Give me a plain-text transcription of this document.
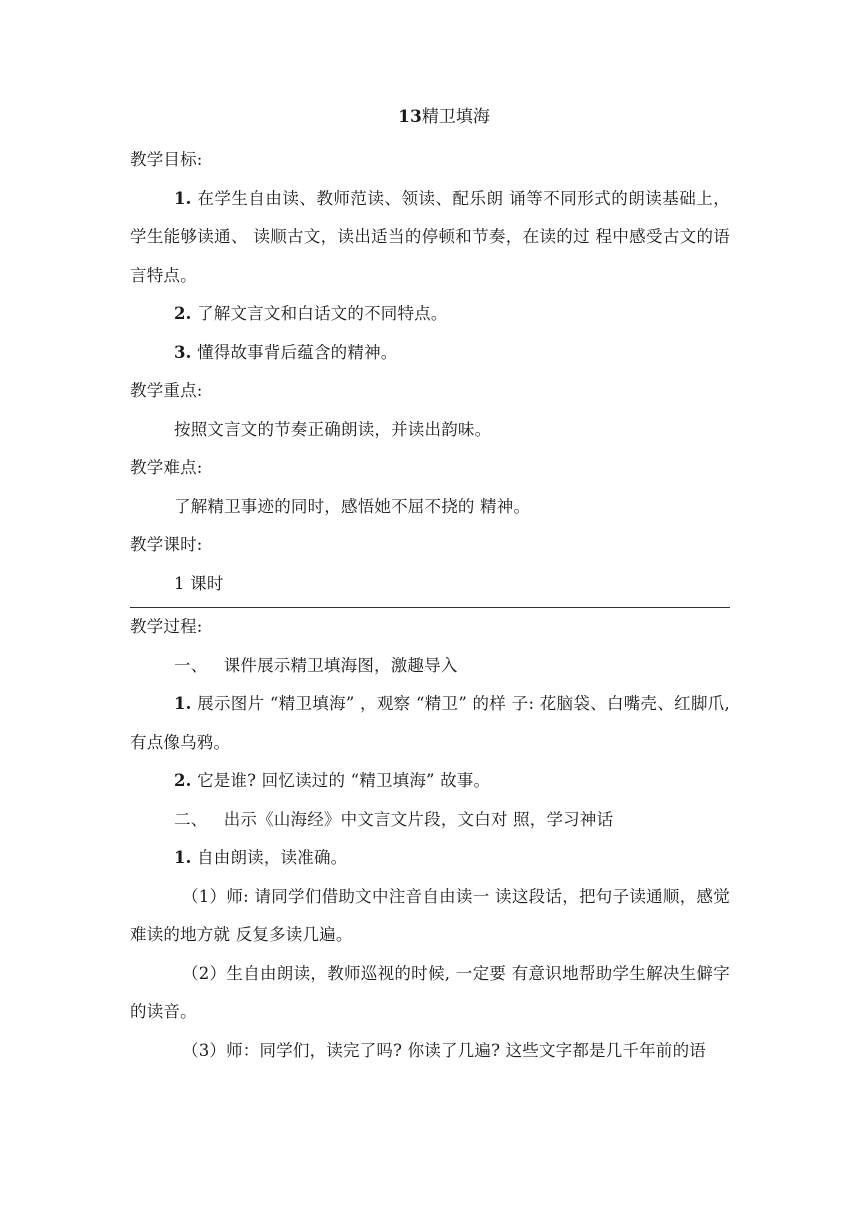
13精卫填海

教学目标:

1. 在学生自由读、教师范读、领读、配乐朗 诵等不同形式的朗读基础上，学生能够读通、 读顺古文，读出适当的停顿和节奏，在读的过 程中感受古文的语言特点。

2. 了解文言文和白话文的不同特点。

3. 懂得故事背后蕴含的精神。

教学重点:

按照文言文的节奏正确朗读，并读出韵味。

教学难点:

了解精卫事迹的同时，感悟她不屈不挠的 精神。

教学课时:

1 课时

教学过程:

一、   课件展示精卫填海图，激趣导入

1. 展示图片 “精卫填海” ，观察 “精卫” 的样 子: 花脑袋、白嘴壳、红脚爪, 有点像乌鸦。

2. 它是谁? 回忆读过的 “精卫填海” 故事。

二、   出示《山海经》中文言文片段，文白对 照，学习神话

1. 自由朗读，读准确。

（1）师: 请同学们借助文中注音自由读一 读这段话，把句子读通顺，感觉难读的地方就 反复多读几遍。

（2）生自由朗读，教师巡视的时候, 一定要 有意识地帮助学生解决生僻字的读音。

（3）师：同学们，读完了吗? 你读了几遍? 这些文字都是几千年前的语
